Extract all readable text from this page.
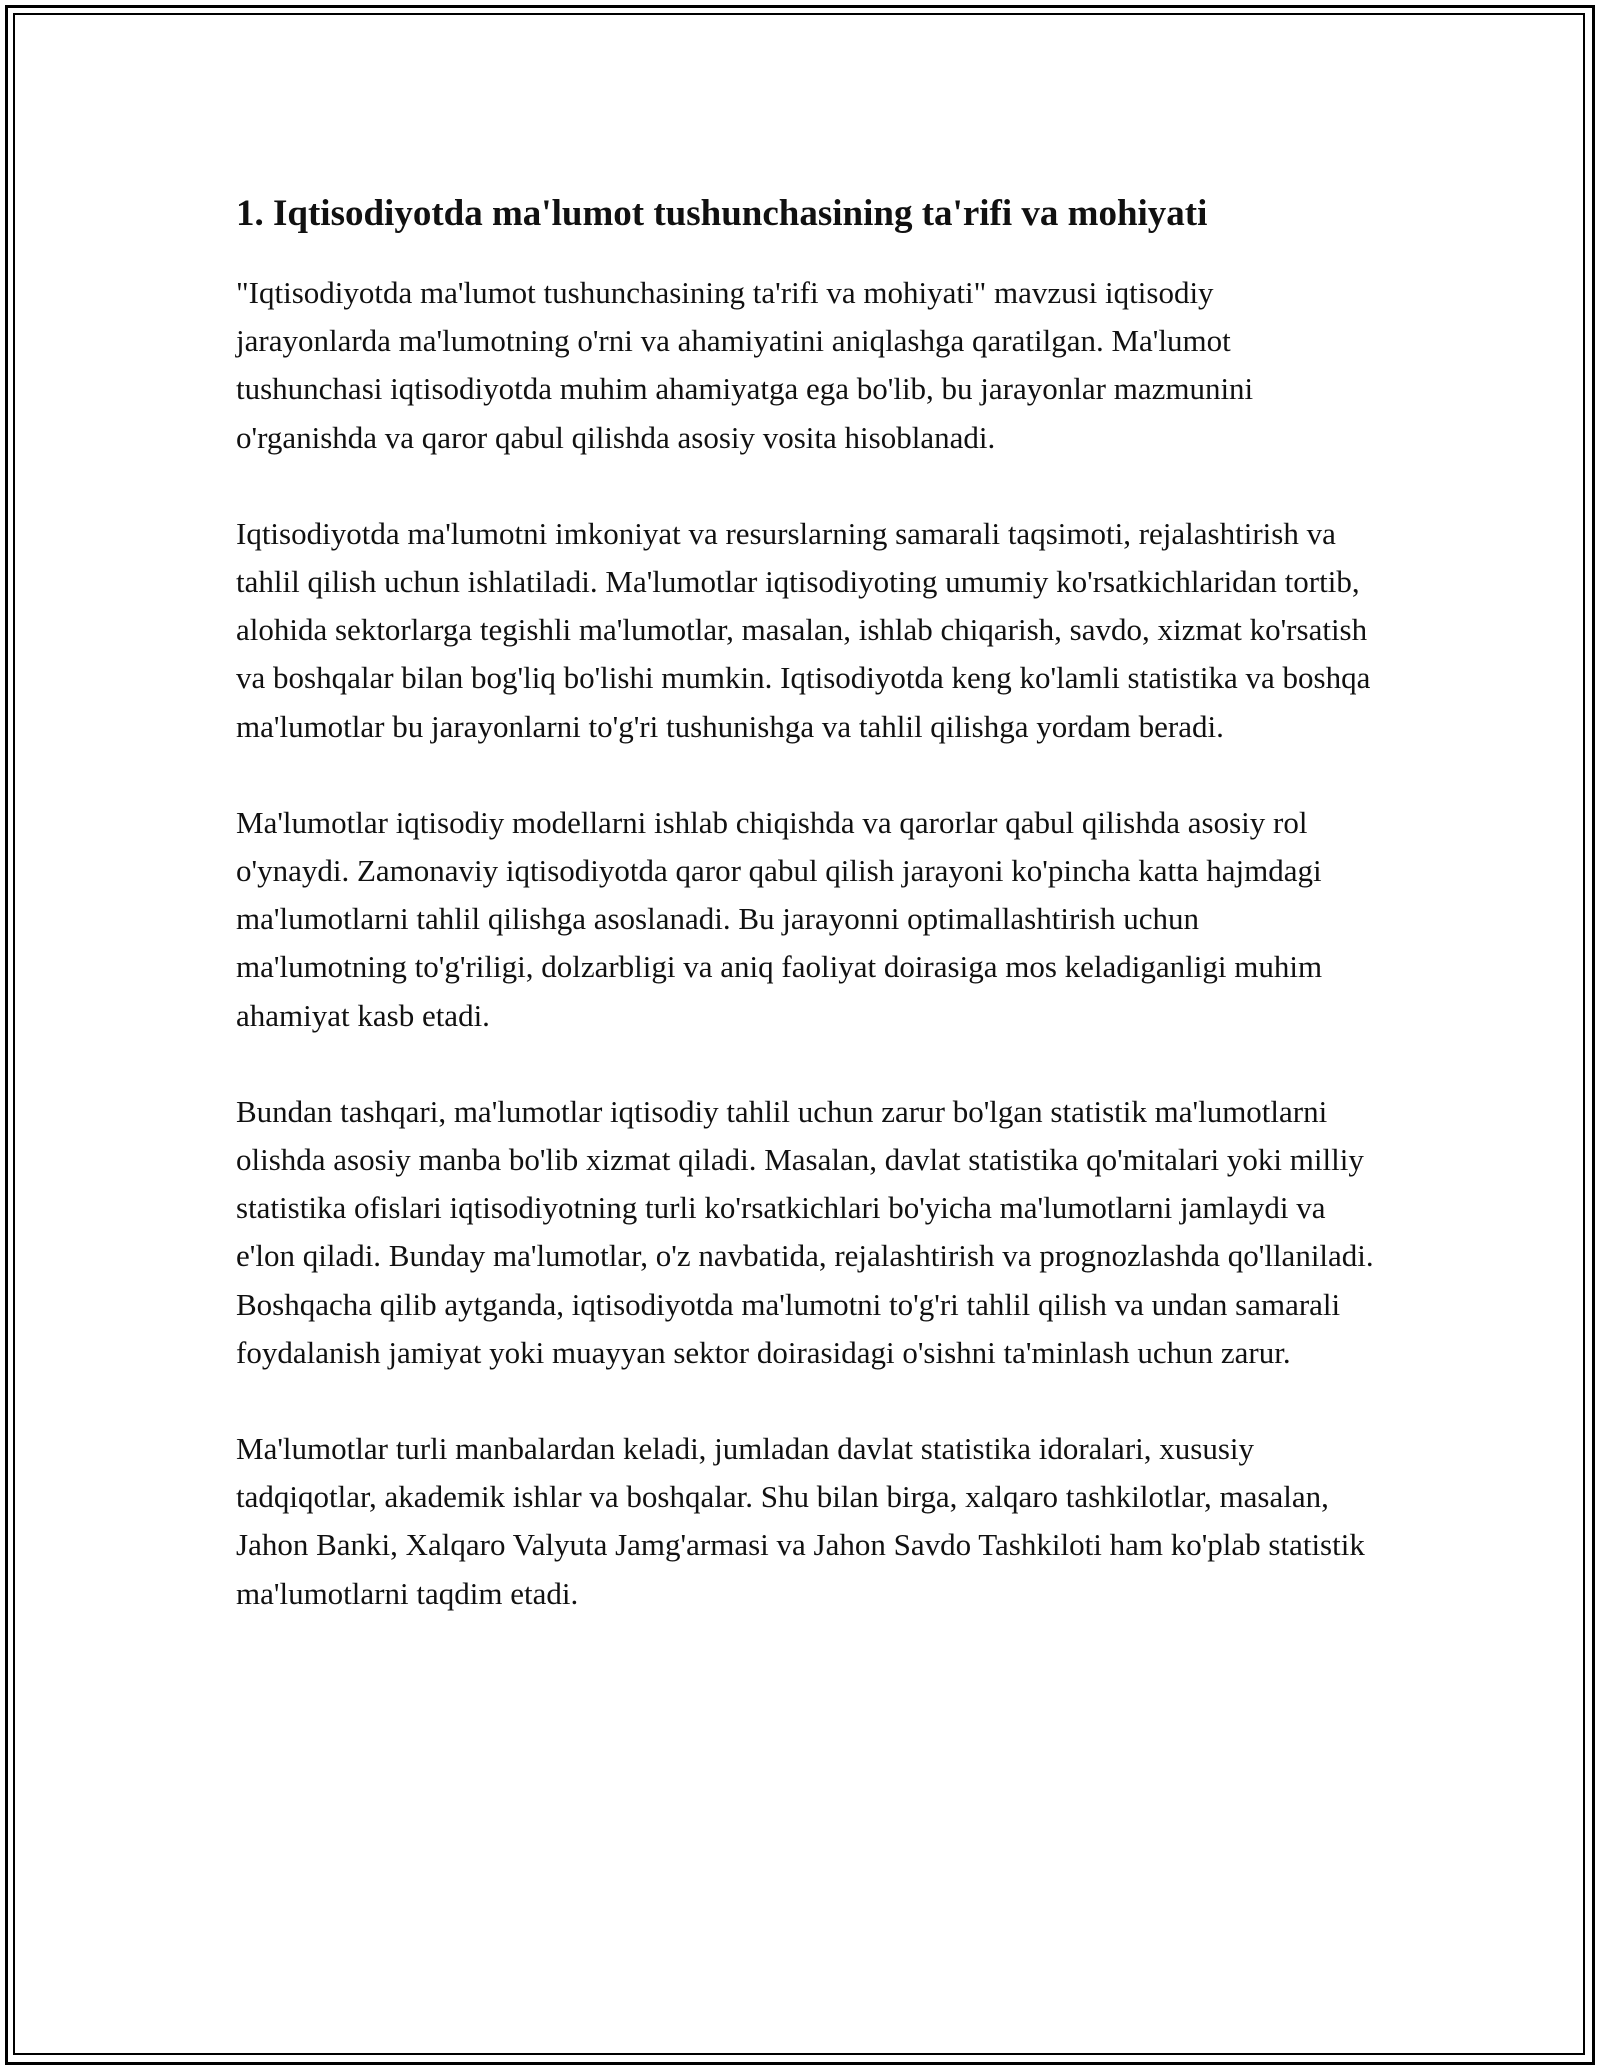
1. Iqtisodiyotda ma'lumot tushunchasining ta'rifi va mohiyati

"Iqtisodiyotda ma'lumot tushunchasining ta'rifi va mohiyati" mavzusi iqtisodiy jarayonlarda ma'lumotning o'rni va ahamiyatini aniqlashga qaratilgan. Ma'lumot tushunchasi iqtisodiyotda muhim ahamiyatga ega bo'lib, bu jarayonlar mazmunini o'rganishda va qaror qabul qilishda asosiy vosita hisoblanadi.

Iqtisodiyotda ma'lumotni imkoniyat va resurslarning samarali taqsimoti, rejalashtirish va tahlil qilish uchun ishlatiladi. Ma'lumotlar iqtisodiyoting umumiy ko'rsatkichlaridan tortib, alohida sektorlarga tegishli ma'lumotlar, masalan, ishlab chiqarish, savdo, xizmat ko'rsatish va boshqalar bilan bog'liq bo'lishi mumkin. Iqtisodiyotda keng ko'lamli statistika va boshqa ma'lumotlar bu jarayonlarni to'g'ri tushunishga va tahlil qilishga yordam beradi.

Ma'lumotlar iqtisodiy modellarni ishlab chiqishda va qarorlar qabul qilishda asosiy rol o'ynaydi. Zamonaviy iqtisodiyotda qaror qabul qilish jarayoni ko'pincha katta hajmdagi ma'lumotlarni tahlil qilishga asoslanadi. Bu jarayonni optimallashtirish uchun ma'lumotning to'g'riligi, dolzarbligi va aniq faoliyat doirasiga mos keladiganligi muhim ahamiyat kasb etadi.

Bundan tashqari, ma'lumotlar iqtisodiy tahlil uchun zarur bo'lgan statistik ma'lumotlarni olishda asosiy manba bo'lib xizmat qiladi. Masalan, davlat statistika qo'mitalari yoki milliy statistika ofislari iqtisodiyotning turli ko'rsatkichlari bo'yicha ma'lumotlarni jamlaydi va e'lon qiladi. Bunday ma'lumotlar, o'z navbatida, rejalashtirish va prognozlashda qo'llaniladi. Boshqacha qilib aytganda, iqtisodiyotda ma'lumotni to'g'ri tahlil qilish va undan samarali foydalanish jamiyat yoki muayyan sektor doirasidagi o'sishni ta'minlash uchun zarur.

Ma'lumotlar turli manbalardan keladi, jumladan davlat statistika idoralari, xususiy tadqiqotlar, akademik ishlar va boshqalar. Shu bilan birga, xalqaro tashkilotlar, masalan, Jahon Banki, Xalqaro Valyuta Jamg'armasi va Jahon Savdo Tashkiloti ham ko'plab statistik ma'lumotlarni taqdim etadi.
